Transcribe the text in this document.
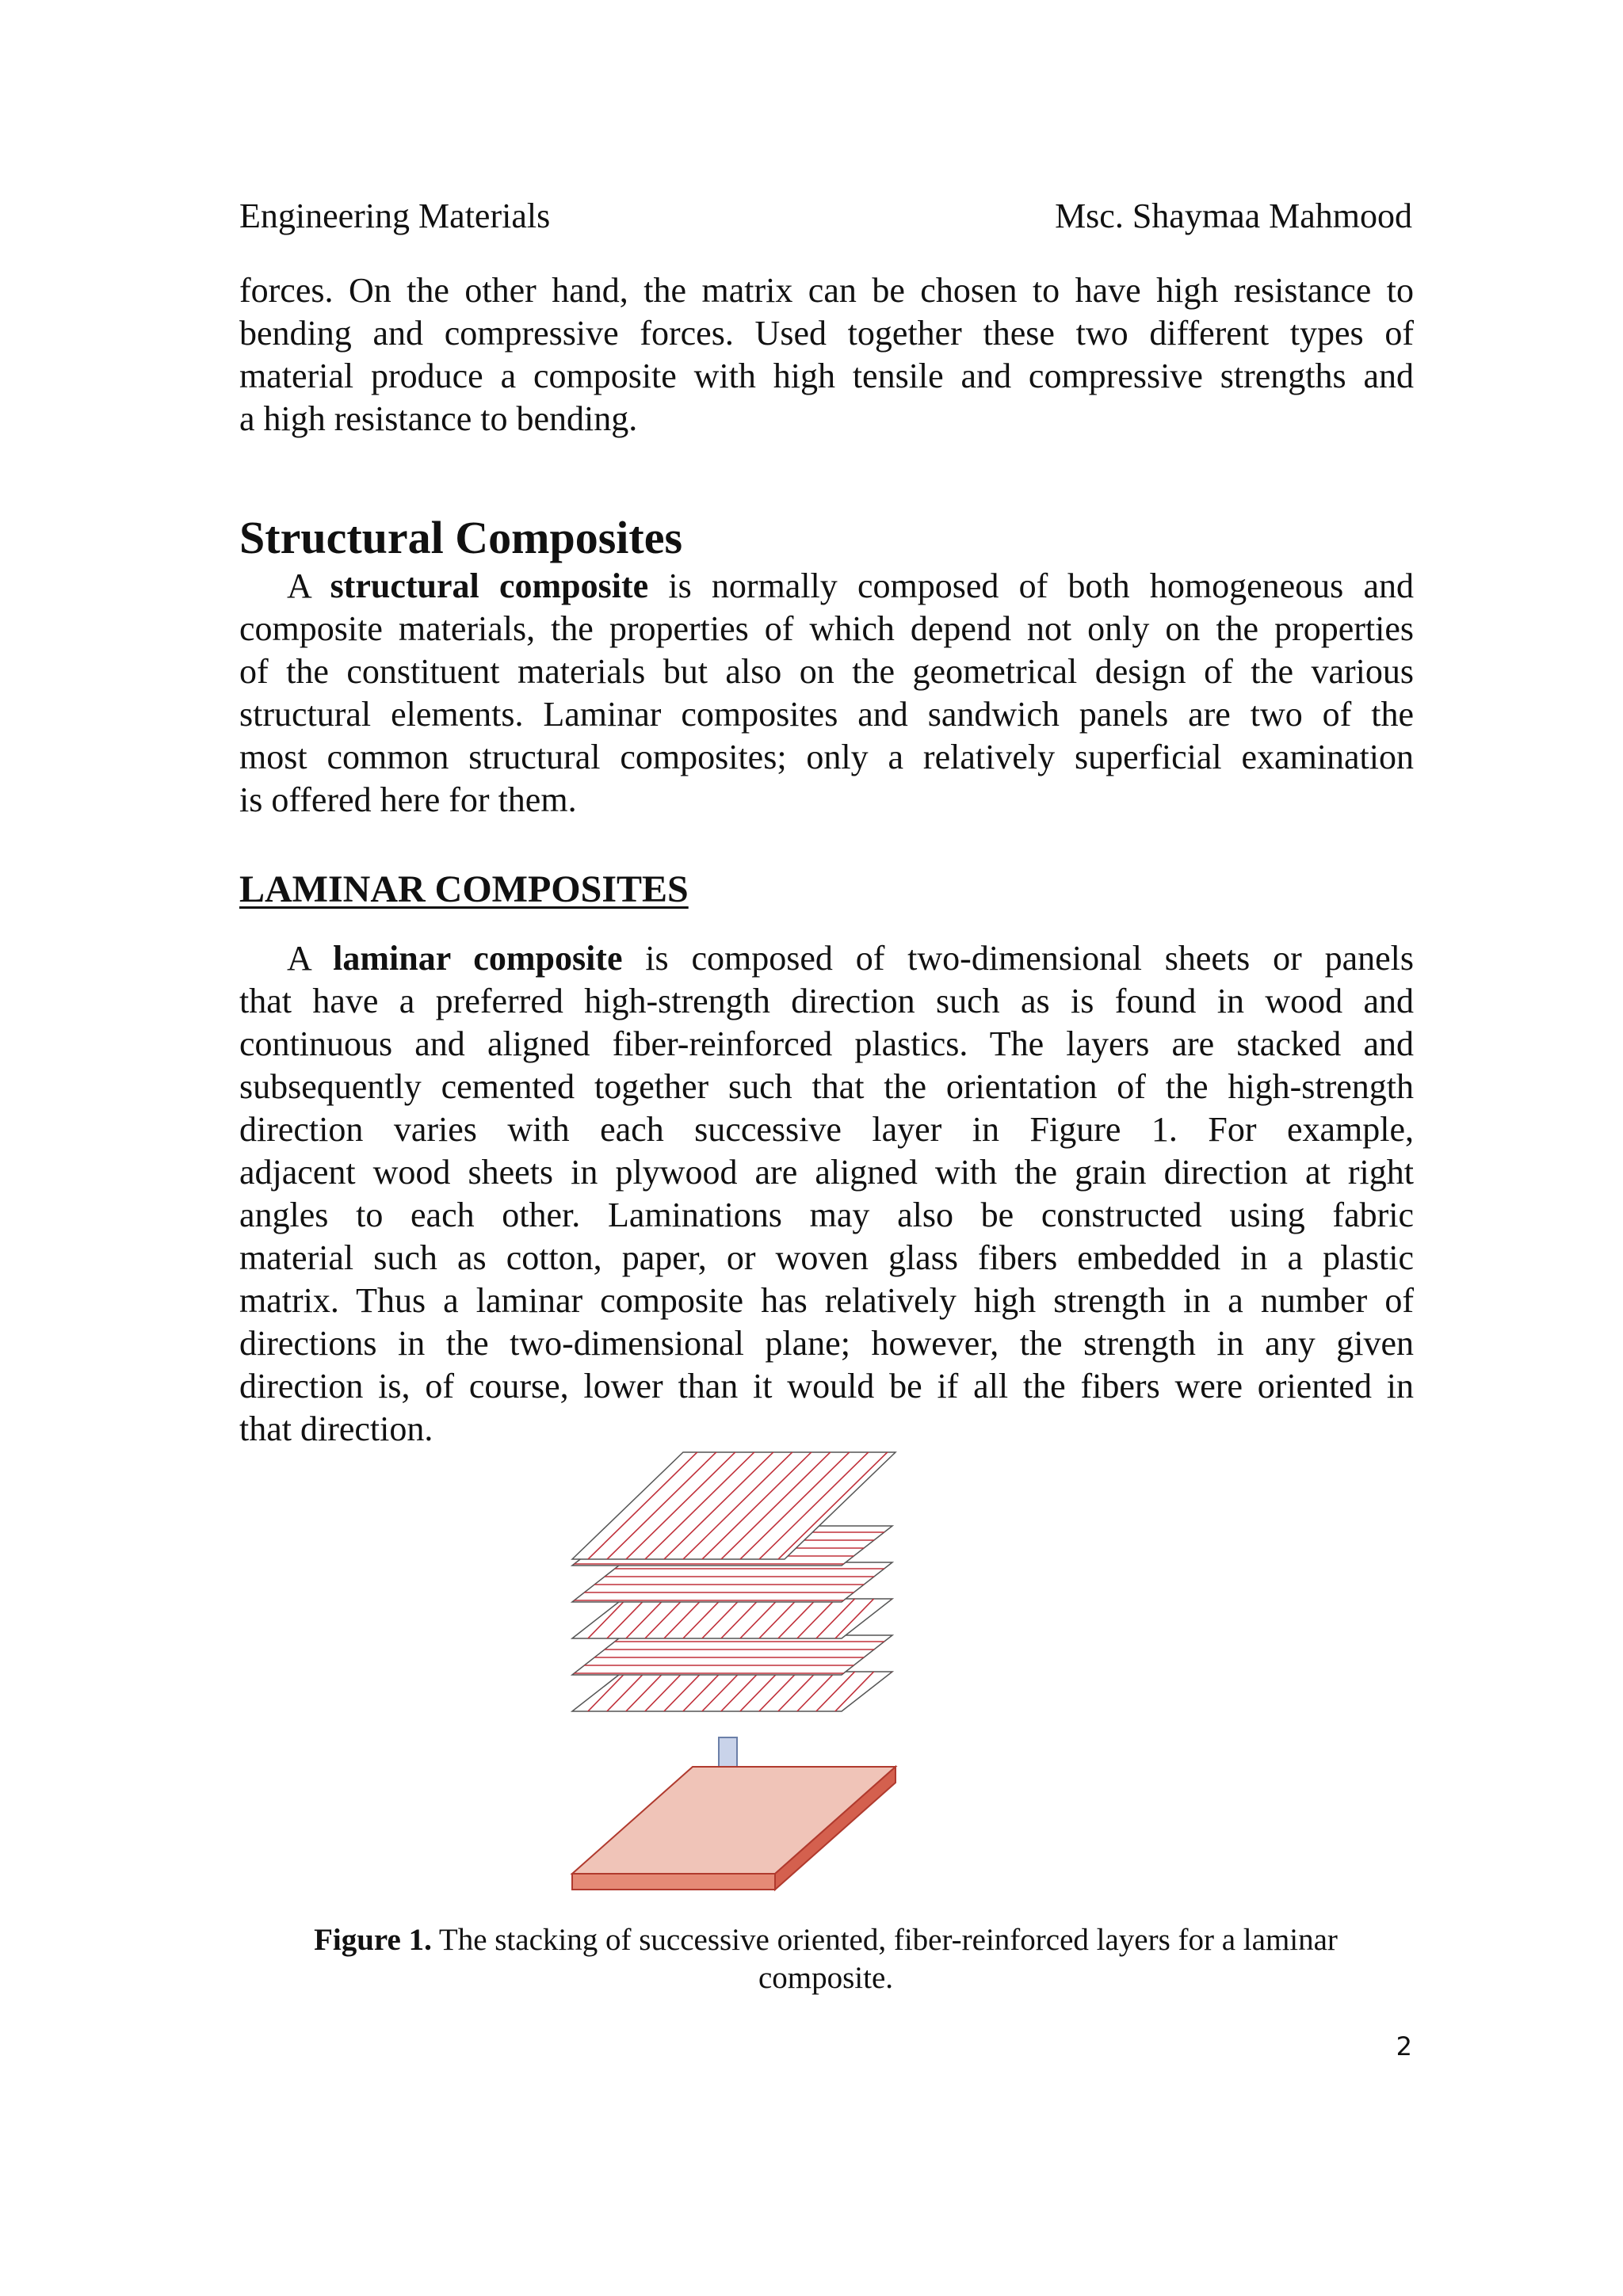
Engineering Materials	Msc. Shaymaa Mahmood
forces. On the other hand, the matrix can be chosen to have high resistance to
bending and compressive forces. Used together these two different types of
material produce a composite with high tensile and compressive strengths and
a high resistance to bending.
Structural Composites
A structural composite is normally composed of both homogeneous and
composite materials, the properties of which depend not only on the properties
of the constituent materials but also on the geometrical design of the various
structural elements. Laminar composites and sandwich panels are two of the
most common structural composites; only a relatively superficial examination
is offered here for them.
LAMINAR COMPOSITES
A laminar composite is composed of two-dimensional sheets or panels
that have a preferred high-strength direction such as is found in wood and
continuous and aligned fiber-reinforced plastics. The layers are stacked and
subsequently cemented together such that the orientation of the high-strength
direction varies with each successive layer in Figure 1. For example,
adjacent wood sheets in plywood are aligned with the grain direction at right
angles to each other. Laminations may also be constructed using fabric
material such as cotton, paper, or woven glass fibers embedded in a plastic
matrix. Thus a laminar composite has relatively high strength in a number of
directions in the two-dimensional plane; however, the strength in any given
direction is, of course, lower than it would be if all the fibers were oriented in
that direction.
Figure 1. The stacking of successive oriented, fiber-reinforced layers for a laminar
composite.
2
